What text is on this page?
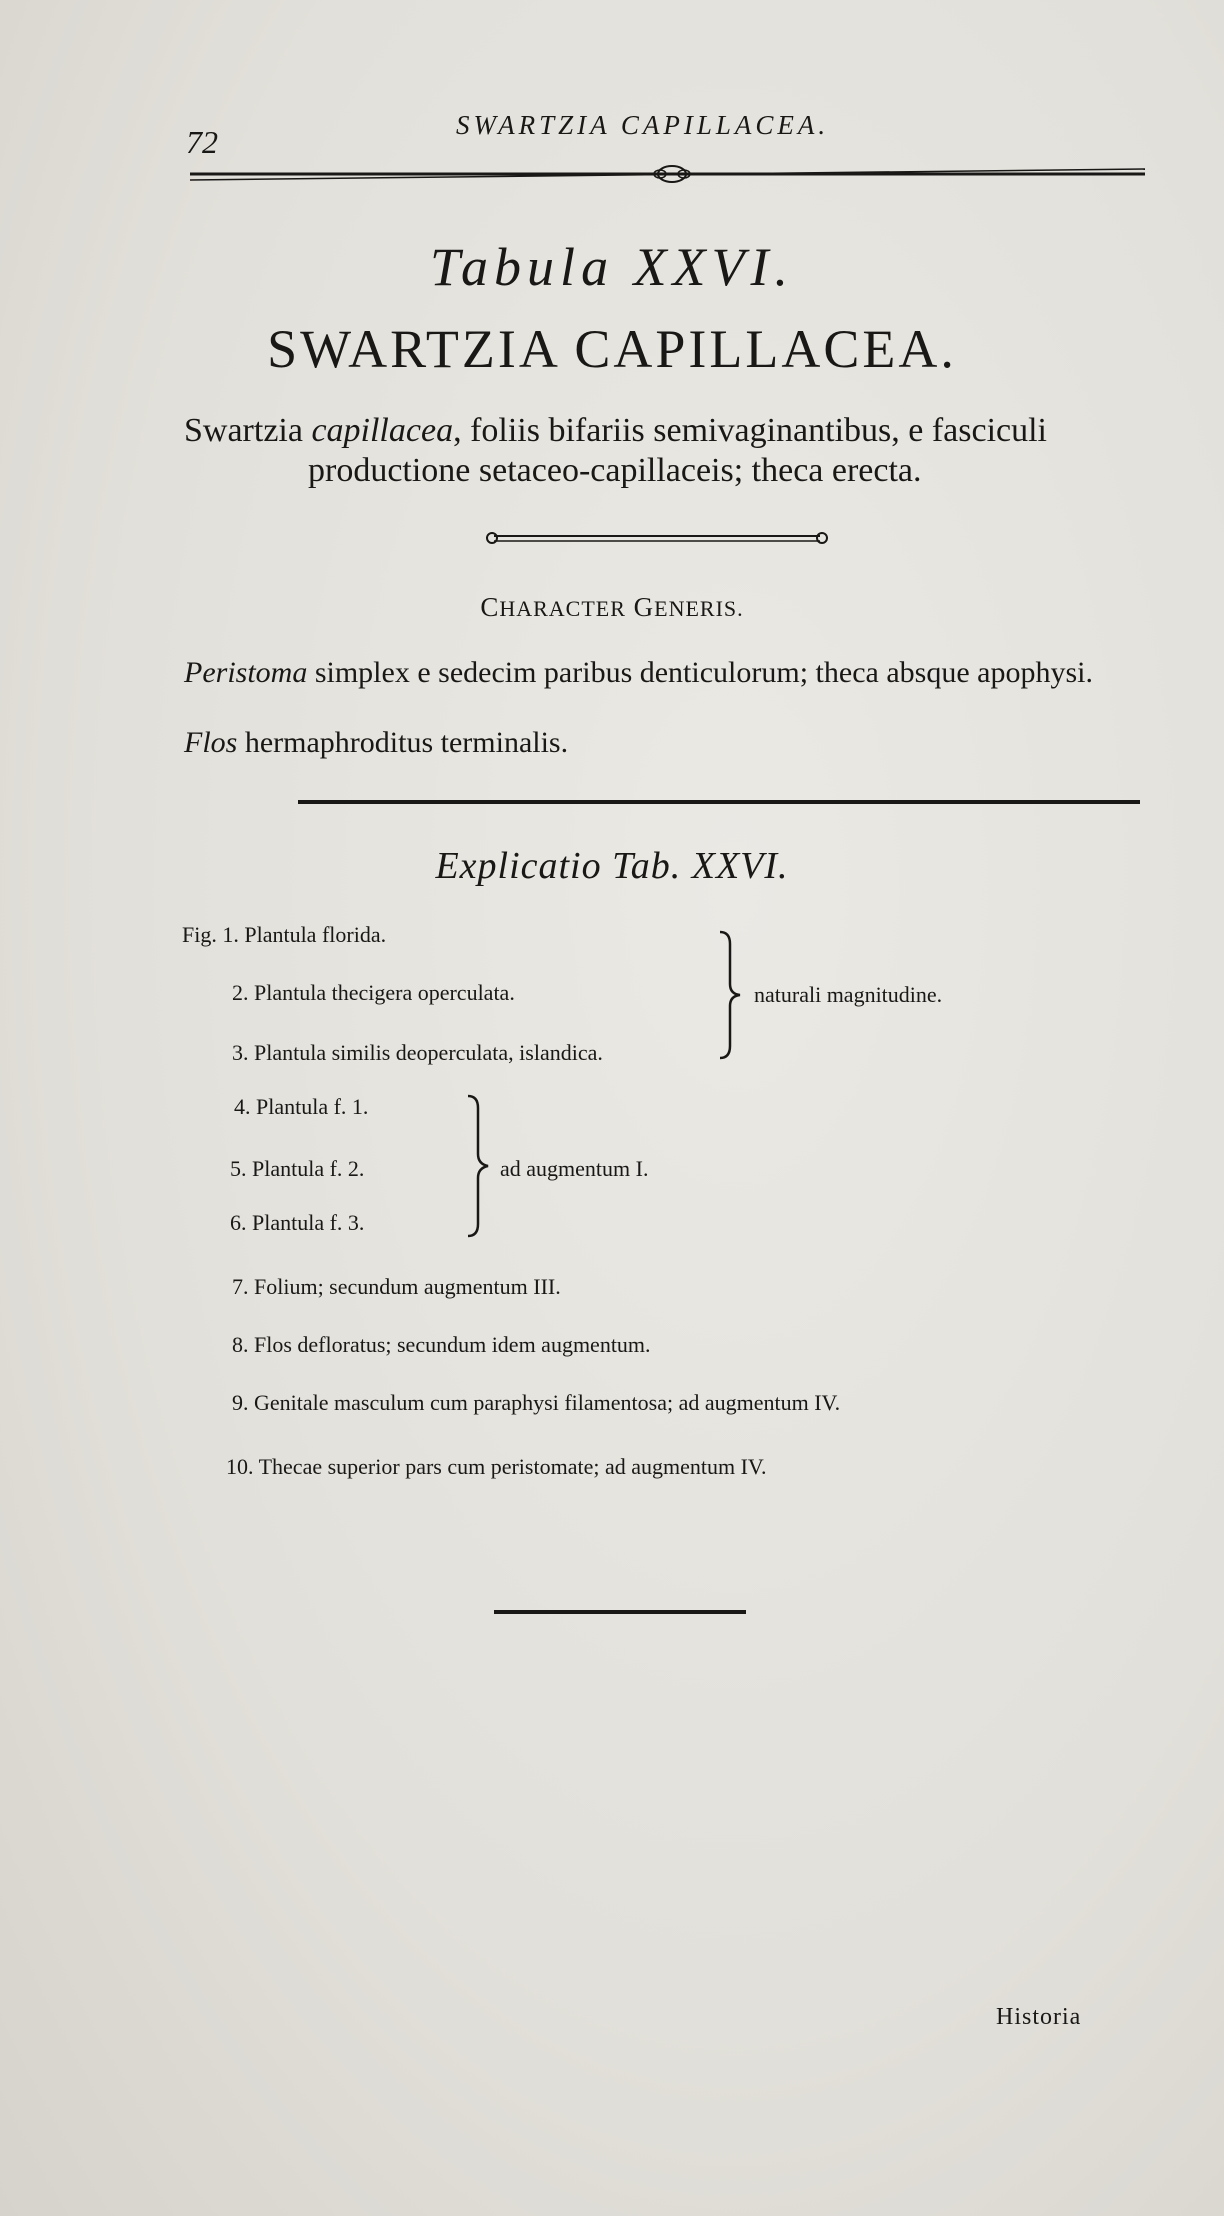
72	SWARTZIA CAPILLACEA.
Tabula XXVI.
SWARTZIA CAPILLACEA.
Swartzia capillacea, foliis bifariis semivaginantibus, e fasciculi
productione setaceo-capillaceis; theca erecta.
CHARACTER GENERIS.
Peristoma simplex e sedecim paribus denticulorum; theca absque apophysi.
Flos hermaphroditus terminalis.
Explicatio Tab. XXVI.
Fig. 1. Plantula florida.
2. Plantula thecigera operculata.
3. Plantula similis deoperculata, islandica.
naturali magnitudine.
4. Plantula f. 1.
5. Plantula f. 2.
6. Plantula f. 3.
ad augmentum I.
7. Folium; secundum augmentum III.
8. Flos defloratus; secundum idem augmentum.
9. Genitale masculum cum paraphysi filamentosa; ad augmentum IV.
10. Thecae superior pars cum peristomate; ad augmentum IV.
Historia
